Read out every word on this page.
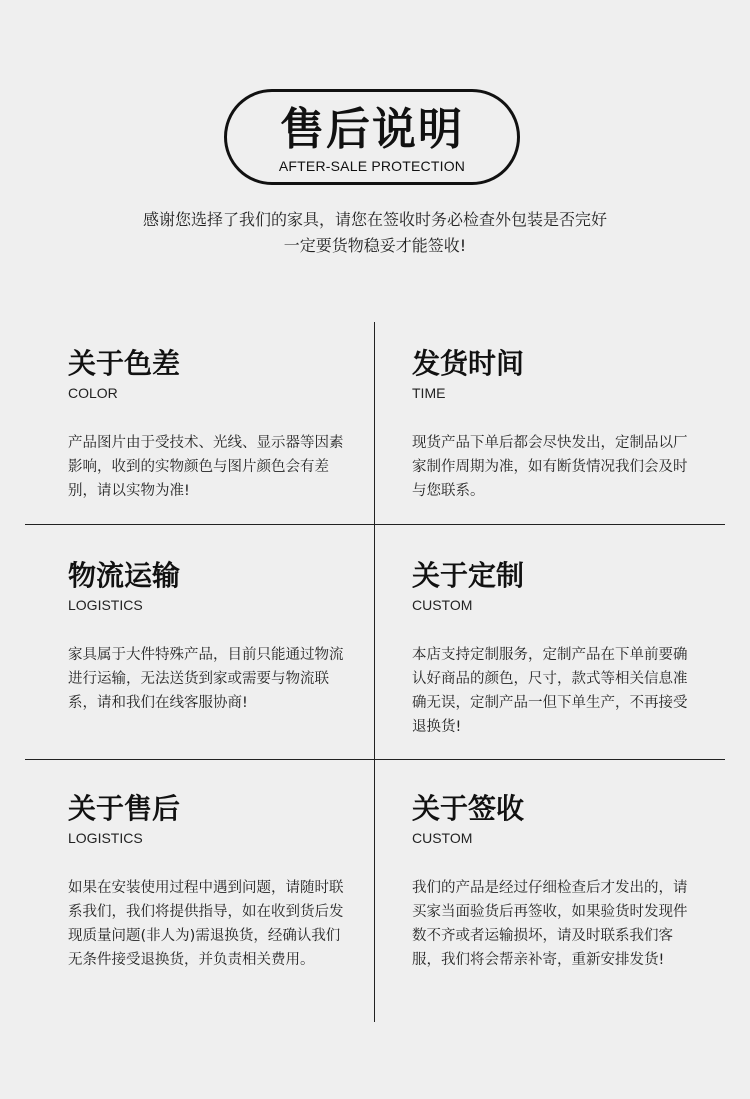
售后说明
AFTER-SALE PROTECTION
感谢您选择了我们的家具，请您在签收时务必检查外包装是否完好
一定要货物稳妥才能签收!
关于色差
COLOR
产品图片由于受技术、光线、显示器等因素影响，收到的实物颜色与图片颜色会有差别，请以实物为准!
发货时间
TIME
现货产品下单后都会尽快发出，定制品以厂家制作周期为准，如有断货情况我们会及时与您联系。
物流运输
LOGISTICS
家具属于大件特殊产品，目前只能通过物流进行运输，无法送货到家或需要与物流联系，请和我们在线客服协商!
关于定制
CUSTOM
本店支持定制服务，定制产品在下单前要确认好商品的颜色，尺寸，款式等相关信息准确无误，定制产品一但下单生产，不再接受退换货!
关于售后
LOGISTICS
如果在安装使用过程中遇到问题，请随时联系我们，我们将提供指导，如在收到货后发现质量问题(非人为)需退换货，经确认我们无条件接受退换货，并负责相关费用。
关于签收
CUSTOM
我们的产品是经过仔细检查后才发出的，请买家当面验货后再签收，如果验货时发现件数不齐或者运输损坏，请及时联系我们客服，我们将会帮亲补寄，重新安排发货!
